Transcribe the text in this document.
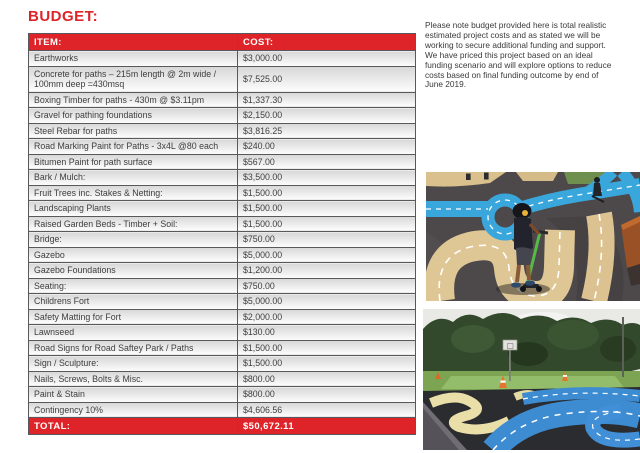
BUDGET:
ITEM:	COST:
Earthworks	$3,000.00
Concrete for paths – 215m length @ 2m wide / 100mm deep =430msq	$7,525.00
Boxing Timber for paths - 430m @ $3.11pm	$1,337.30
Gravel for pathing foundations	$2,150.00
Steel Rebar for paths	$3,816.25
Road Marking Paint for Paths - 3x4L @80 each	$240.00
Bitumen Paint for path surface	$567.00
Bark / Mulch:	$3,500.00
Fruit Trees inc. Stakes & Netting:	$1,500.00
Landscaping Plants	$1,500.00
Raised Garden Beds - Timber + Soil:	$1,500.00
Bridge:	$750.00
Gazebo	$5,000.00
Gazebo Foundations	$1,200.00
Seating:	$750.00
Childrens Fort	$5,000.00
Safety Matting for Fort	$2,000.00
Lawnseed	$130.00
Road Signs for Road Saftey Park / Paths	$1,500.00
Sign / Sculpture:	$1,500.00
Nails, Screws, Bolts & Misc.	$800.00
Paint & Stain	$800.00
Contingency 10%	$4,606.56
TOTAL:	$50,672.11

Please note budget provided here is total realistic estimated project costs and as stated we will be working to secure additional funding and support. We have priced this project based on an ideal funding scenario and will explore options to reduce costs based on final funding outcome by end of June 2019.
